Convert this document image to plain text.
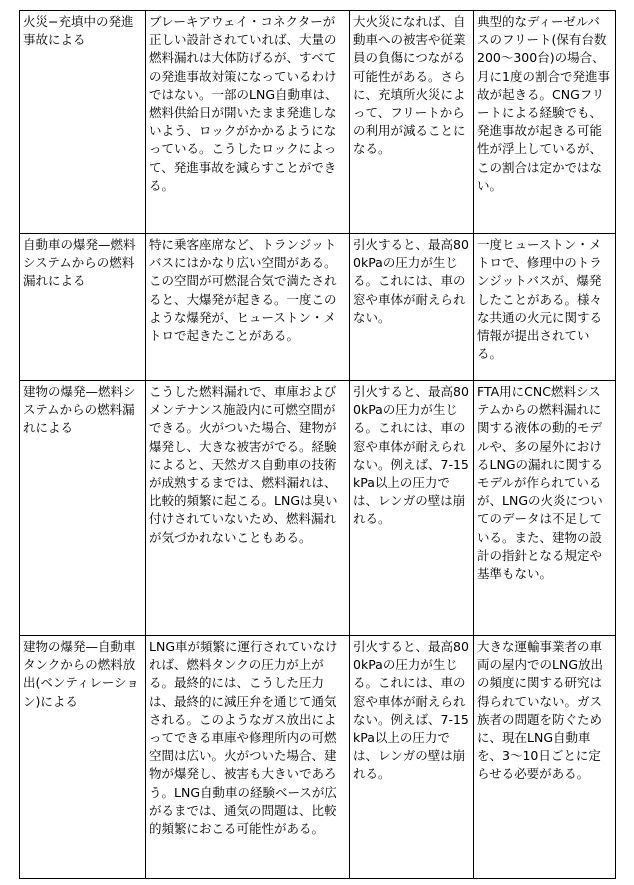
火災−充填中の発進事故による	ブレーキアウェイ・コネクターが正しい設計されていれば、大量の燃料漏れは大体防げるが、すべての発進事故対策になっているわけではない。一部のLNG自動車は、燃料供給日が開いたまま発進しないよう、ロックがかかるようになっている。こうしたロックによって、発進事故を減らすことができる。	大火災になれば、自動車への被害や従業員の負傷につながる可能性がある。さらに、充填所火災によって、フリートからの利用が減ることになる。	典型的なディーゼルバスのフリート(保有台数200〜300台)の場合、月に1度の割合で発進事故が起きる。CNGフリートによる経験でも、発進事故が起きる可能性が浮上しているが、この割合は定かではない。
自動車の爆発—燃料システムからの燃料漏れによる	特に乗客座席など、トランジットバスにはかなり広い空間がある。この空間が可燃混合気で満たされると、大爆発が起きる。一度このような爆発が、ヒューストン・メトロで起きたことがある。	引火すると、最高800kPaの圧力が生じる。これには、車の窓や車体が耐えられない。	一度ヒューストン・メトロで、修理中のトランジットバスが、爆発したことがある。様々な共通の火元に関する情報が提出されている。
建物の爆発—燃料システムからの燃料漏れによる	こうした燃料漏れで、車庫およびメンテナンス施設内に可燃空間ができる。火がついた場合、建物が爆発し、大きな被害がでる。経験によると、天然ガス自動車の技術が成熟するまでは、燃料漏れは、比較的頻繁に起こる。LNGは臭い付けされていないため、燃料漏れが気づかれないこともある。	引火すると、最高800kPaの圧力が生じる。これには、車の窓や車体が耐えられない。例えば、7-15kPa以上の圧力では、レンガの壁は崩れる。	FTA用にCNC燃料システムからの燃料漏れに関する液体の動的モデルや、多の屋外におけるLNGの漏れに関するモデルが作られているが、LNGの火炎についてのデータは不足している。また、建物の設計の指針となる規定や基準もない。
建物の爆発—自動車タンクからの燃料放出(ベンティレーション)による	LNG車が頻繁に運行されていなければ、燃料タンクの圧力が上がる。最終的には、こうした圧力は、最終的に減圧弁を通じて通気される。このようなガス放出によってできる車庫や修理所内の可燃空間は広い。火がついた場合、建物が爆発し、被害も大きいであろう。LNG自動車の経験ベースが広がるまでは、通気の問題は、比較的頻繁におこる可能性がある。	引火すると、最高800kPaの圧力が生じる。これには、車の窓や車体が耐えられない。例えば、7-15kPa以上の圧力では、レンガの壁は崩れる。	大きな運輸事業者の車両の屋内でのLNG放出の頻度に関する研究は得られていない。ガス族者の問題を防ぐために、現在LNG自動車を、3〜10日ごとに定らせる必要がある。
